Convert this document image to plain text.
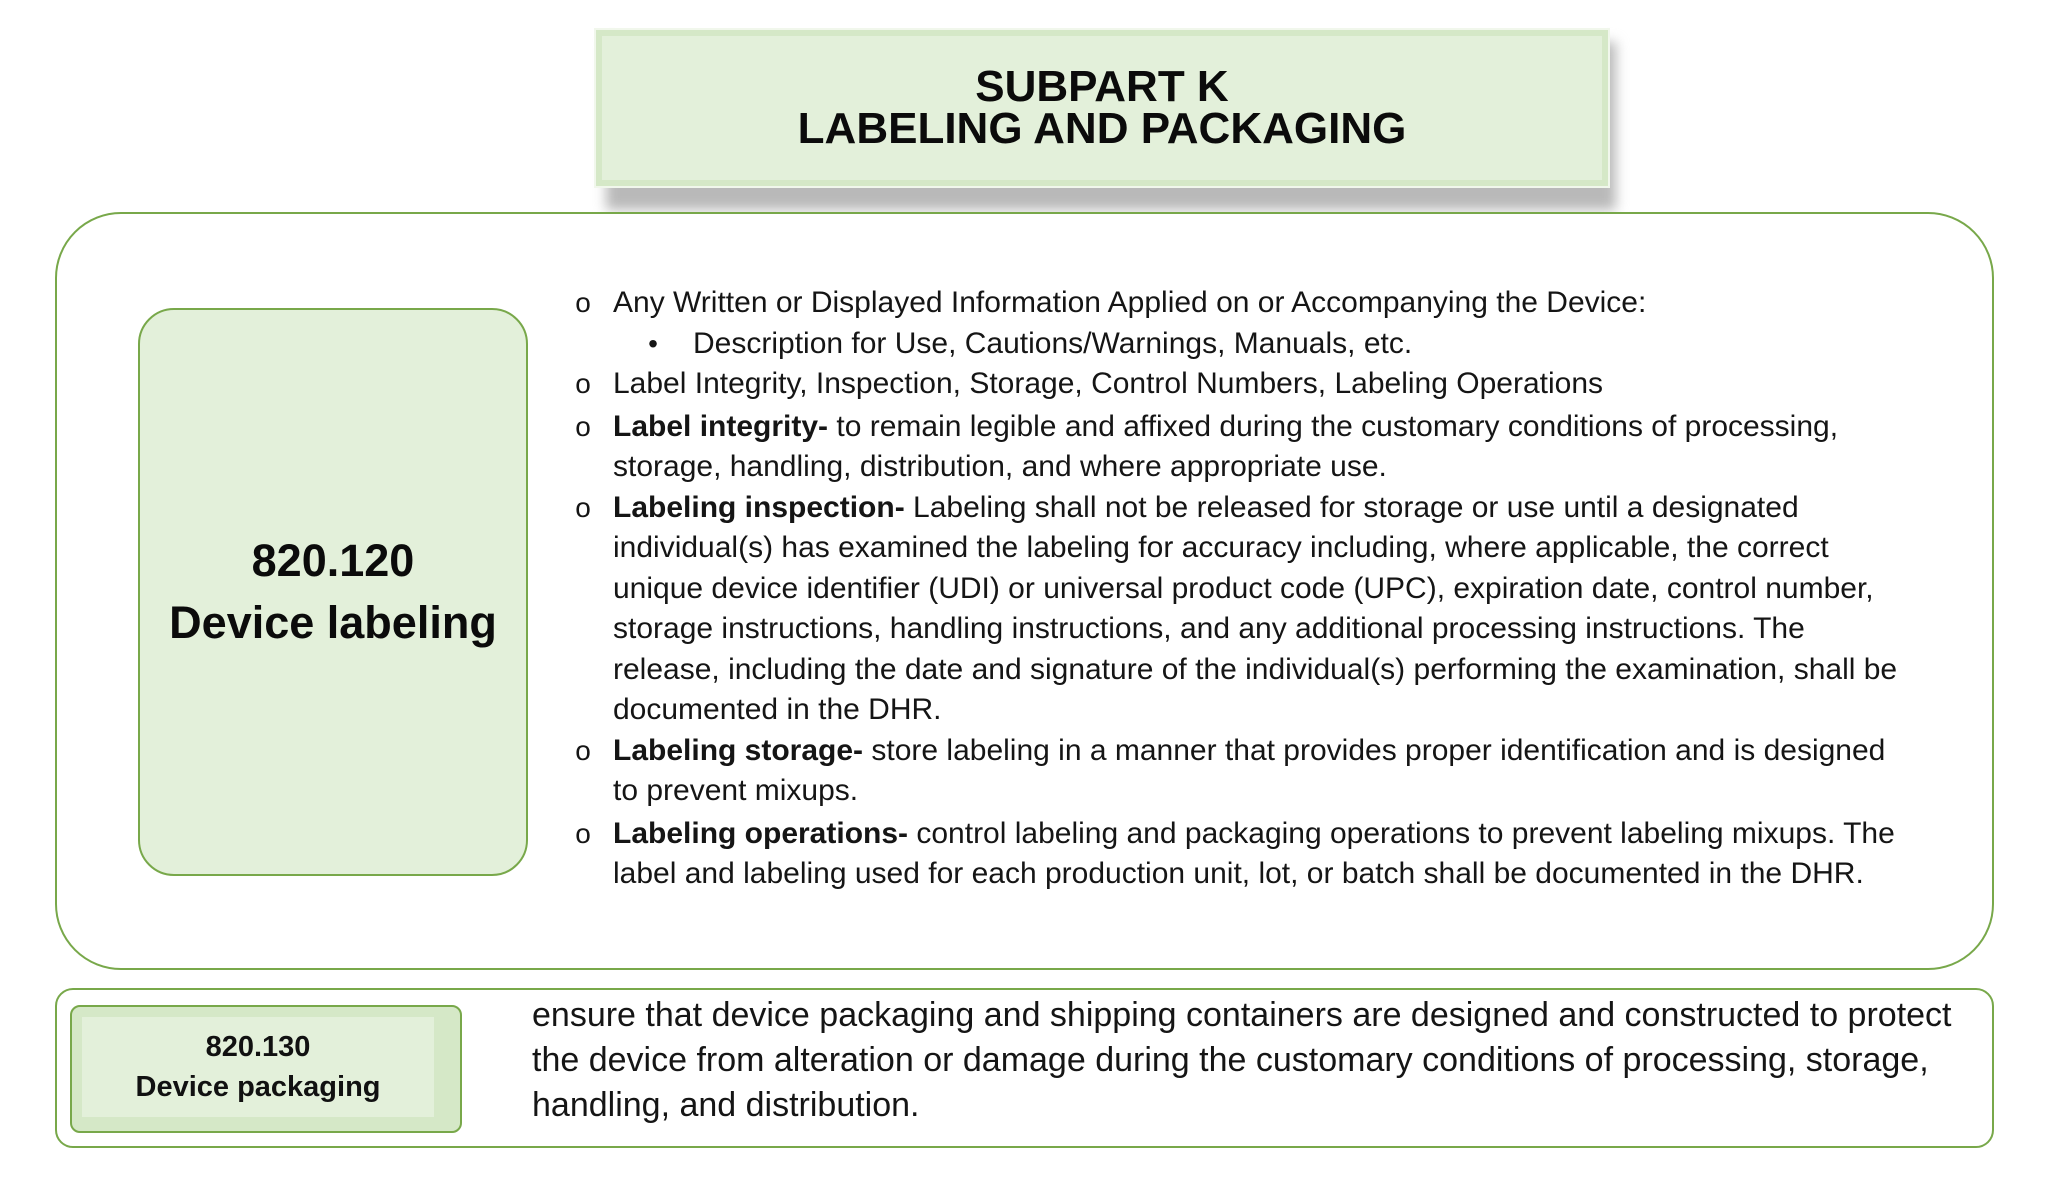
SUBPART K
LABELING AND PACKAGING
820.120
Device labeling
o Any Written or Displayed Information Applied on or Accompanying the Device:
•	Description for Use, Cautions/Warnings, Manuals, etc.
o Label Integrity, Inspection, Storage, Control Numbers, Labeling Operations
o Label integrity- to remain legible and affixed during the customary conditions of processing, storage, handling, distribution, and where appropriate use.
o Labeling inspection- Labeling shall not be released for storage or use until a designated individual(s) has examined the labeling for accuracy including, where applicable, the correct unique device identifier (UDI) or universal product code (UPC), expiration date, control number, storage instructions, handling instructions, and any additional processing instructions. The release, including the date and signature of the individual(s) performing the examination, shall be documented in the DHR.
o Labeling storage- store labeling in a manner that provides proper identification and is designed to prevent mixups.
o Labeling operations- control labeling and packaging operations to prevent labeling mixups. The label and labeling used for each production unit, lot, or batch shall be documented in the DHR.
820.130
Device packaging
ensure that device packaging and shipping containers are designed and constructed to protect the device from alteration or damage during the customary conditions of processing, storage, handling, and distribution.
